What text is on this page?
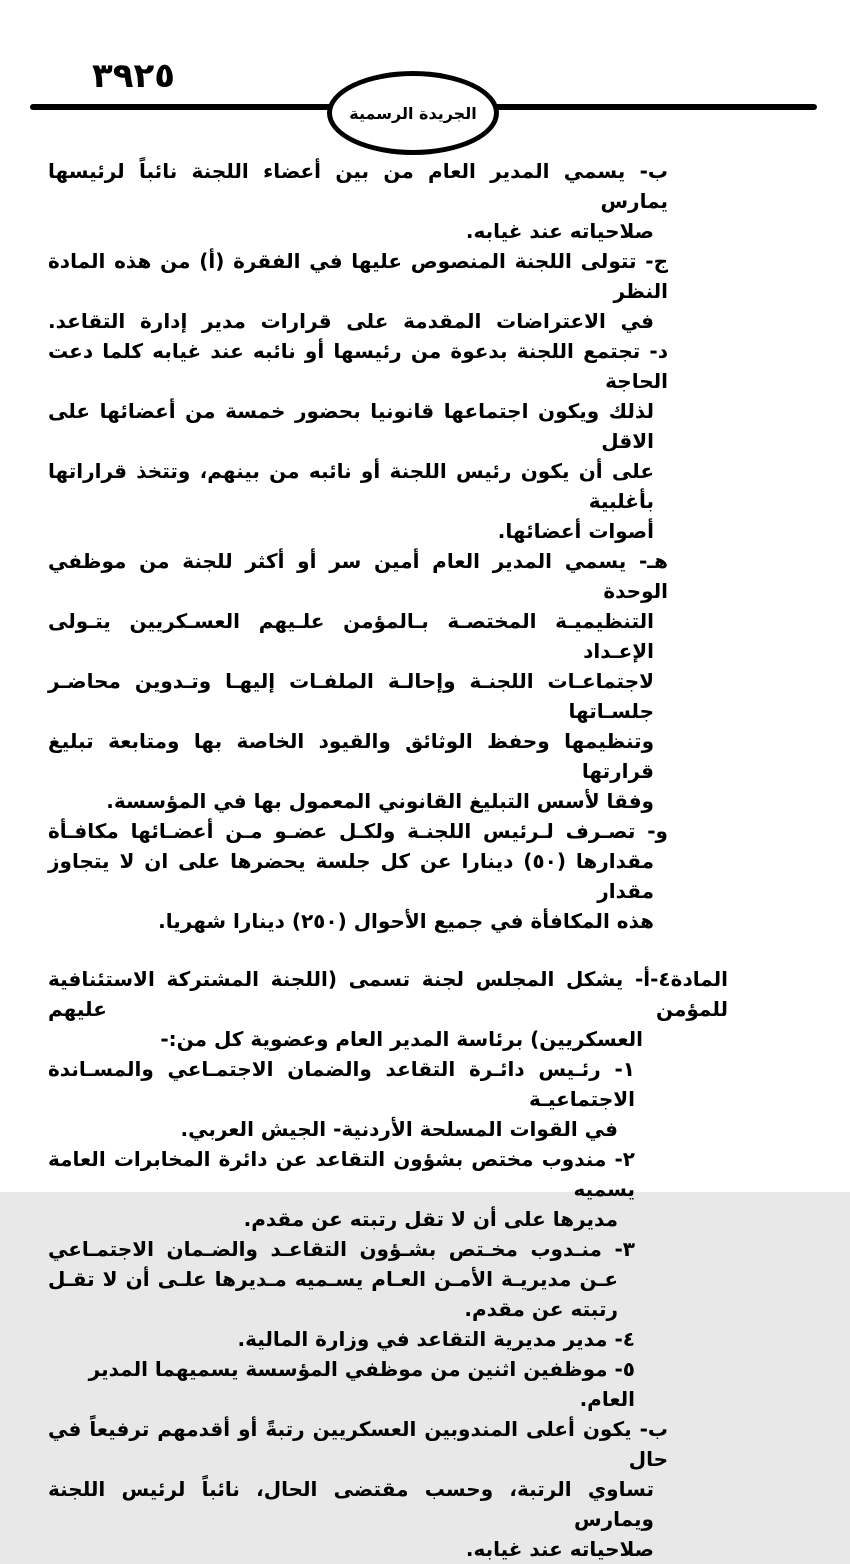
٣٩٢٥
الجريدة الرسمية
ب- يسمي المدير العام من بين أعضاء اللجنة نائباً لرئيسها يمارس
صلاحياته عند غيابه.
ج- تتولى اللجنة المنصوص عليها في الفقرة (أ) من هذه المادة النظر
في الاعتراضات المقدمة على قرارات مدير إدارة التقاعد.
د- تجتمع اللجنة بدعوة من رئيسها أو نائبه عند غيابه كلما دعت الحاجة
لذلك ويكون اجتماعها قانونيا بحضور خمسة من أعضائها على الاقل
على أن يكون رئيس اللجنة أو نائبه من بينهم، وتتخذ قراراتها بأغلبية
أصوات أعضائها.
هـ- يسمي المدير العام أمين سر أو أكثر للجنة من موظفي الوحدة
التنظيميـة المختصـة بـالمؤمن علـيهم العسـكريين يتـولى الإعـداد
لاجتماعـات اللجنـة وإحالـة الملفـات إليهـا وتـدوين محاضـر جلسـاتها
وتنظيمها وحفظ الوثائق والقيود الخاصة بها ومتابعة تبليغ قرارتها
وفقا لأسس التبليغ القانوني المعمول بها في المؤسسة.
و- تصـرف لـرئيس اللجنـة ولكـل عضـو مـن أعضـائها مكافـأة
مقدارها (٥٠) دينارا عن كل جلسة يحضرها على ان لا يتجاوز مقدار
هذه المكافأة في جميع الأحوال (٢٥٠) دينارا شهريا.
المادة٤-أ- يشكل المجلس لجنة تسمى (اللجنة المشتركة الاستئنافية للمؤمن عليهم
العسكريين) برئاسة المدير العام وعضوية كل من:-
١- رئـيس دائـرة التقاعد والضمان الاجتمـاعي والمسـاندة الاجتماعيـة
في القوات المسلحة الأردنية- الجيش العربي.
٢- مندوب مختص بشؤون التقاعد عن دائرة المخابرات العامة يسميه
مديرها على أن لا تقل رتبته عن مقدم.
٣- منـدوب مخـتص بشـؤون التقاعـد والضـمان الاجتمـاعي
عـن مديريـة الأمـن العـام يسـميه مـديرها علـى أن لا تقـل
رتبته عن مقدم.
٤- مدير مديرية التقاعد في وزارة المالية.
٥- موظفين اثنين من موظفي المؤسسة يسميهما المدير العام.
ب- يكون أعلى المندوبين العسكريين رتبةً أو أقدمهم ترفيعاً في حال
تساوي الرتبة، وحسب مقتضى الحال، نائباً لرئيس اللجنة ويمارس
صلاحياته عند غيابه.
